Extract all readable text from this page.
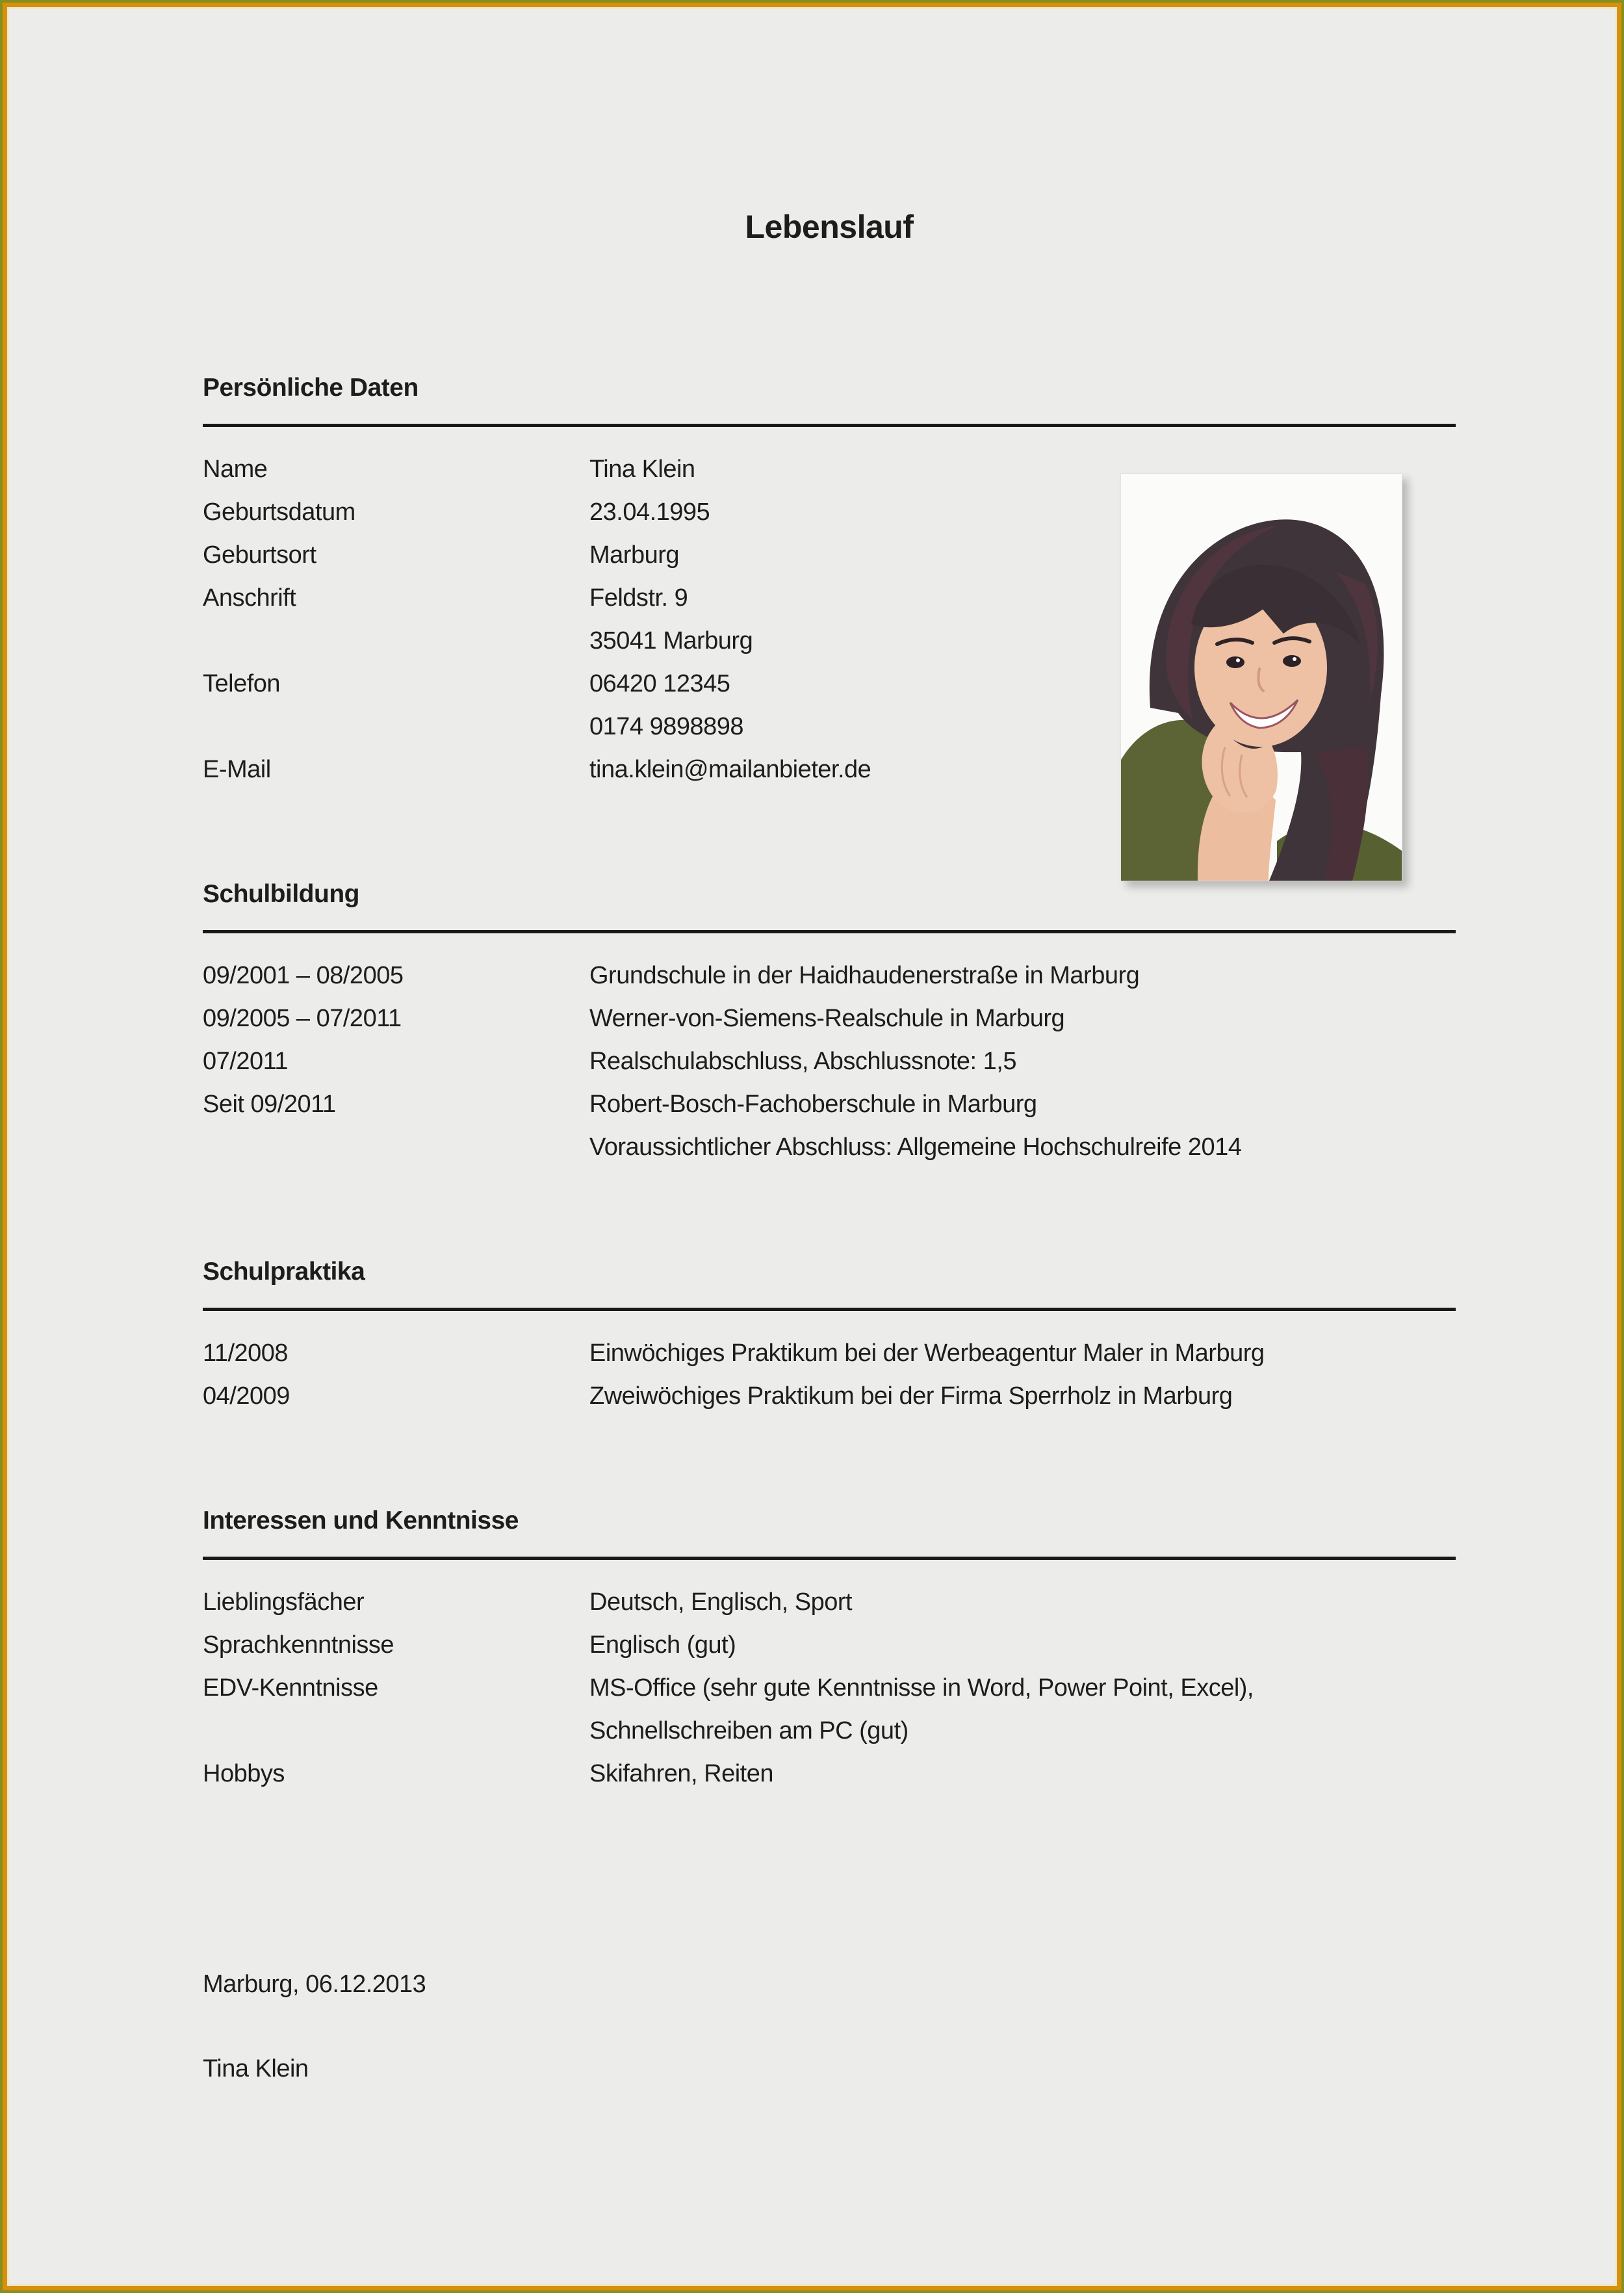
Lebenslauf
Persönliche Daten
Name	Tina Klein
Geburtsdatum	23.04.1995
Geburtsort	Marburg
Anschrift	Feldstr. 9
35041 Marburg
Telefon	06420 12345
0174 9898898
E-Mail	tina.klein@mailanbieter.de
Schulbildung
09/2001 – 08/2005	Grundschule in der Haidhaudenerstraße in Marburg
09/2005 – 07/2011	Werner-von-Siemens-Realschule in Marburg
07/2011	Realschulabschluss, Abschlussnote: 1,5
Seit 09/2011	Robert-Bosch-Fachoberschule in Marburg
Voraussichtlicher Abschluss: Allgemeine Hochschulreife 2014
Schulpraktika
11/2008	Einwöchiges Praktikum bei der Werbeagentur Maler in Marburg
04/2009	Zweiwöchiges Praktikum bei der Firma Sperrholz in Marburg
Interessen und Kenntnisse
Lieblingsfächer	Deutsch, Englisch, Sport
Sprachkenntnisse	Englisch (gut)
EDV-Kenntnisse	MS-Office (sehr gute Kenntnisse in Word, Power Point, Excel),
Schnellschreiben am PC (gut)
Hobbys	Skifahren, Reiten
Marburg, 06.12.2013
Tina Klein
